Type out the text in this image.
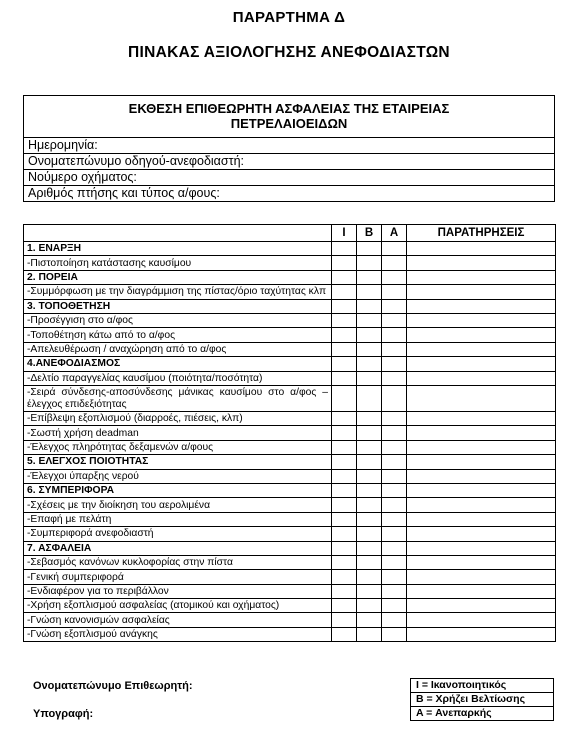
ΠΑΡΑΡΤΗΜΑ Δ
ΠΙΝΑΚΑΣ ΑΞΙΟΛΟΓΗΣΗΣ ΑΝΕΦΟΔΙΑΣΤΩΝ
ΕΚΘΕΣΗ ΕΠΙΘΕΩΡΗΤΗ ΑΣΦΑΛΕΙΑΣ ΤΗΣ ΕΤΑΙΡΕΙΑΣ
ΠΕΤΡΕΛΑΙΟΕΙΔΩΝ

Ημερομηνία:
Ονοματεπώνυμο οδηγού-ανεφοδιαστή:
Νούμερο οχήματος:
Αριθμός πτήσης και τύπος α/φους:
	I	B	A	ΠΑΡΑΤΗΡΗΣΕΙΣ
1. ΕΝΑΡΞΗ				
-Πιστοποίηση κατάστασης καυσίμου				
2. ΠΟΡΕΙΑ				
-Συμμόρφωση με την διαγράμμιση της πίστας/όριο ταχύτητας κλπ				
3. ΤΟΠΟΘΕΤΗΣΗ				
-Προσέγγιση στο α/φος				
-Τοποθέτηση κάτω από το α/φος				
-Απελευθέρωση / αναχώρηση από το α/φος				
4.ΑΝΕΦΟΔΙΑΣΜΟΣ				
-Δελτίο παραγγελίας καυσίμου (ποιότητα/ποσότητα)				
-Σειρά σύνδεσης-αποσύνδεσης μάνικας καυσίμου στο α/φος – έλεγχος επιδεξιότητας				
-Επίβλεψη εξοπλισμού (διαρροές, πιέσεις, κλπ)				
-Σωστή χρήση deadman				
-Έλεγχος πληρότητας δεξαμενών α/φους				
5. ΕΛΕΓΧΟΣ ΠΟΙΟΤΗΤΑΣ				
-Έλεγχοι ύπαρξης νερού				
6. ΣΥΜΠΕΡΙΦΟΡΑ				
-Σχέσεις με την διοίκηση του αερολιμένα				
-Επαφή με πελάτη				
-Συμπεριφορά ανεφοδιαστή				
7. ΑΣΦΑΛΕΙΑ				
-Σεβασμός κανόνων κυκλοφορίας στην πίστα				
-Γενική συμπεριφορά				
-Ενδιαφέρον για το περιβάλλον				
-Χρήση εξοπλισμού ασφαλείας (ατομικού και οχήματος)				
-Γνώση κανονισμών ασφαλείας				
-Γνώση εξοπλισμού ανάγκης				
Ονοματεπώνυμο Επιθεωρητή:
Υπογραφή:
I = Ικανοποιητικός
B = Χρήζει Βελτίωσης
A = Ανεπαρκής
